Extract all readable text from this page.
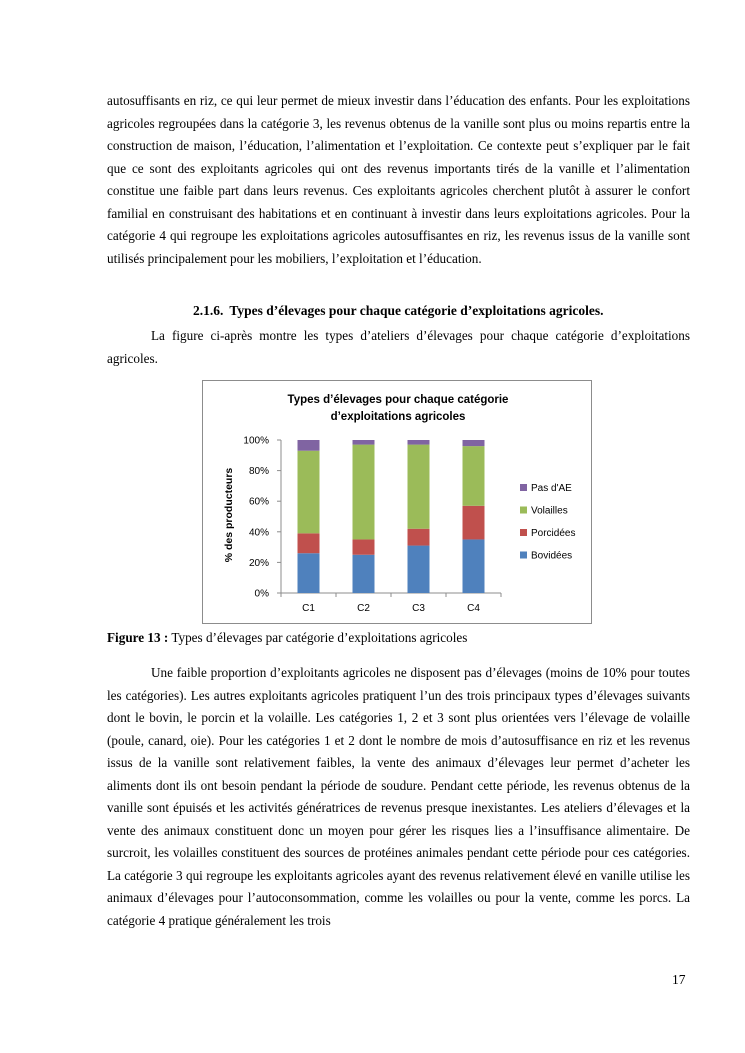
autosuffisants en riz, ce qui leur permet de mieux investir dans l’éducation des enfants. Pour les exploitations agricoles regroupées dans la catégorie 3, les revenus obtenus de la vanille sont plus ou moins repartis entre la construction de maison, l’éducation, l’alimentation et l’exploitation. Ce contexte peut s’expliquer par le fait que ce sont des exploitants agricoles qui ont des revenus importants tirés de la vanille et l’alimentation constitue une faible part dans leurs revenus. Ces exploitants agricoles cherchent plutôt à assurer le confort familial en construisant des habitations et en continuant à investir dans leurs exploitations agricoles. Pour la catégorie 4 qui regroupe les exploitations agricoles autosuffisantes en riz, les revenus issus de la vanille sont utilisés principalement pour les mobiliers, l’exploitation et l’éducation.

2.1.6. Types d’élevages pour chaque catégorie d’exploitations agricoles.

La figure ci-après montre les types d’ateliers d’élevages pour chaque catégorie d’exploitations agricoles.

Types d’élevages pour chaque catégorie
d’exploitations agricoles
% des producteurs
0%
20%
40%
60%
80%
100%
C1	C2	C3	C4
Pas d'AE
Volailles
Porcidées
Bovidées

Figure 13 : Types d’élevages par catégorie d’exploitations agricoles

Une faible proportion d’exploitants agricoles ne disposent pas d’élevages (moins de 10% pour toutes les catégories). Les autres exploitants agricoles pratiquent l’un des trois principaux types d’élevages suivants dont le bovin, le porcin et la volaille. Les catégories 1, 2 et 3 sont plus orientées vers l’élevage de volaille (poule, canard, oie). Pour les catégories 1 et 2 dont le nombre de mois d’autosuffisance en riz et les revenus issus de la vanille sont relativement faibles, la vente des animaux d’élevages leur permet d’acheter les aliments dont ils ont besoin pendant la période de soudure. Pendant cette période, les revenus obtenus de la vanille sont épuisés et les activités génératrices de revenus presque inexistantes. Les ateliers d’élevages et la vente des animaux constituent donc un moyen pour gérer les risques lies a l’insuffisance alimentaire. De surcroit, les volailles constituent des sources de protéines animales pendant cette période pour ces catégories. La catégorie 3 qui regroupe les exploitants agricoles ayant des revenus relativement élevé en vanille utilise les animaux d’élevages pour l’autoconsommation, comme les volailles ou pour la vente, comme les porcs. La catégorie 4 pratique généralement les trois

17
